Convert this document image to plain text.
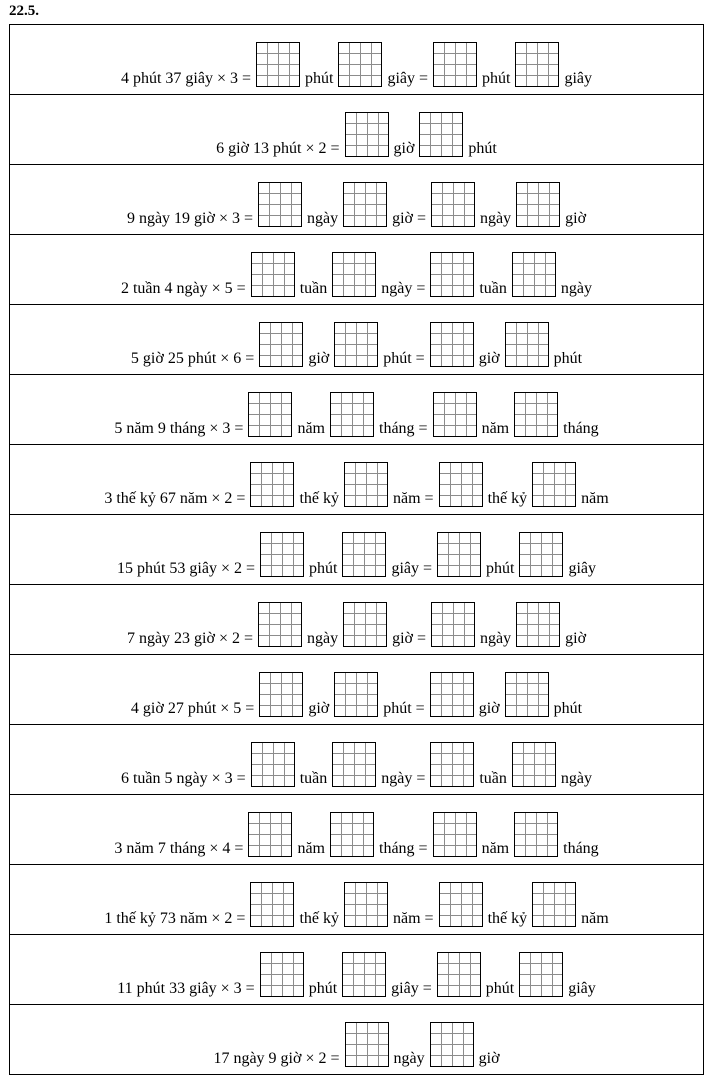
22.5.
4 phút 37 giây × 3 =	phút	giây =	phút	giây

6 giờ 13 phút × 2 =	giờ	phút

9 ngày 19 giờ × 3 =	ngày	giờ =	ngày	giờ

2 tuần 4 ngày × 5 =	tuần	ngày =	tuần	ngày

5 giờ 25 phút × 6 =	giờ	phút =	giờ	phút

5 năm 9 tháng × 3 =	năm	tháng =	năm	tháng

3 thế kỷ 67 năm × 2 =	thế kỷ	năm =	thế kỷ	năm

15 phút 53 giây × 2 =	phút	giây =	phút	giây

7 ngày 23 giờ × 2 =	ngày	giờ =	ngày	giờ

4 giờ 27 phút × 5 =	giờ	phút =	giờ	phút

6 tuần 5 ngày × 3 =	tuần	ngày =	tuần	ngày

3 năm 7 tháng × 4 =	năm	tháng =	năm	tháng

1 thế kỷ 73 năm × 2 =	thế kỷ	năm =	thế kỷ	năm

11 phút 33 giây × 3 =	phút	giây =	phút	giây

17 ngày 9 giờ × 2 =	ngày	giờ
